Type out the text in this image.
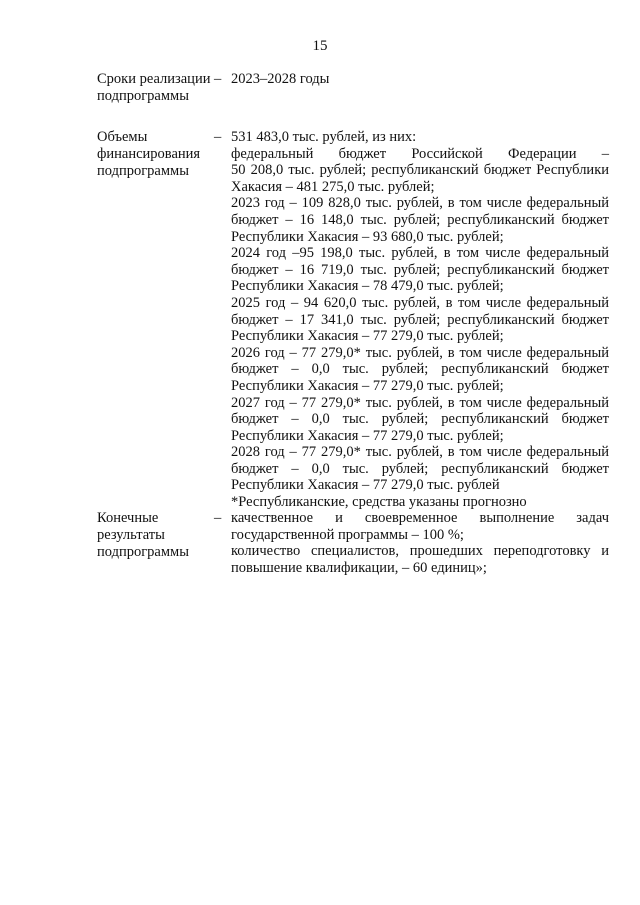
15
Сроки реализации подпрограммы
– 2023–2028 годы

Объемы финансирования подпрограммы
– 531 483,0 тыс. рублей, из них:

федеральный бюджет Российской Федерации –

50 208,0 тыс. рублей; республиканский бюджет Республики

Хакасия – 481 275,0 тыс. рублей;

2023 год – 109 828,0 тыс. рублей, в том числе федеральный

бюджет – 16 148,0 тыс. рублей; республиканский бюджет

Республики Хакасия – 93 680,0 тыс. рублей;

2024 год –95 198,0 тыс. рублей, в том числе федеральный

бюджет – 16 719,0 тыс. рублей; республиканский бюджет

Республики Хакасия – 78 479,0 тыс. рублей;

2025 год – 94 620,0 тыс. рублей, в том числе федеральный

бюджет – 17 341,0 тыс. рублей; республиканский бюджет

Республики Хакасия – 77 279,0 тыс. рублей;

2026 год – 77 279,0* тыс. рублей, в том числе федеральный

бюджет – 0,0 тыс. рублей; республиканский бюджет

Республики Хакасия – 77 279,0 тыс. рублей;

2027 год – 77 279,0* тыс. рублей, в том числе федеральный

бюджет – 0,0 тыс. рублей; республиканский бюджет

Республики Хакасия – 77 279,0 тыс. рублей;

2028 год – 77 279,0* тыс. рублей, в том числе федеральный

бюджет – 0,0 тыс. рублей; республиканский бюджет

Республики Хакасия – 77 279,0 тыс. рублей

*Республиканские, средства указаны прогнозно

Конечные результаты подпрограммы
– качественное и своевременное выполнение задач

государственной программы – 100 %;

количество специалистов, прошедших переподготовку и

повышение квалификации, – 60 единиц»;
